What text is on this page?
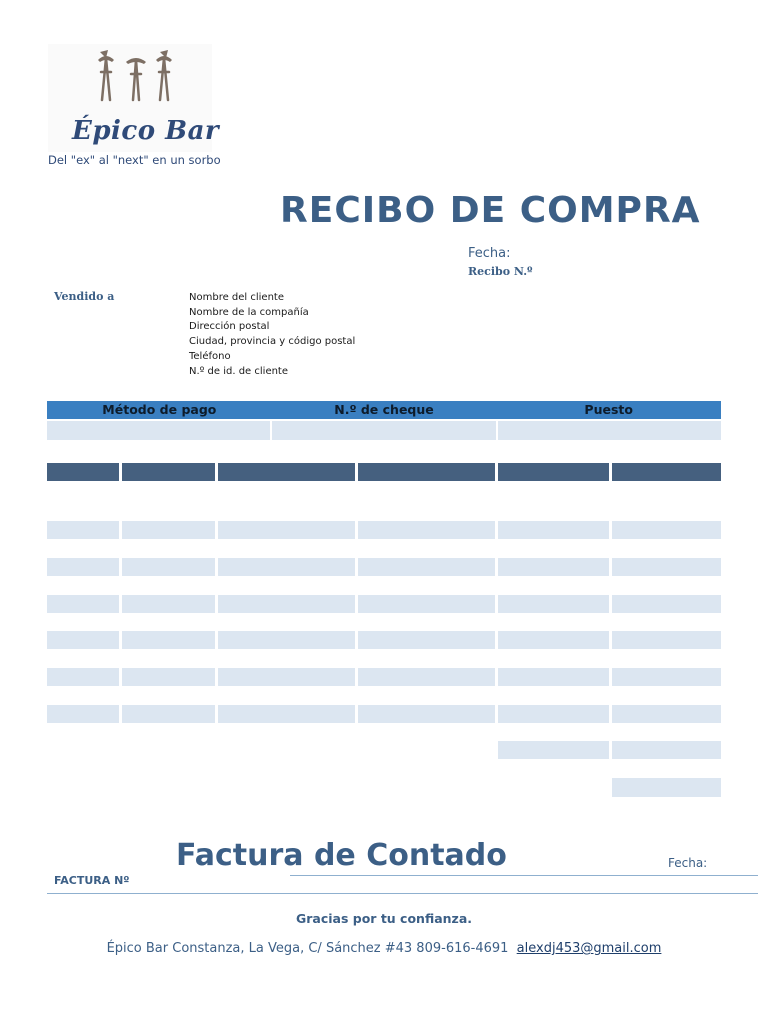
Épico Bar
Del "ex" al "next" en un sorbo
RECIBO DE COMPRA
Fecha:
Recibo N.º
Vendido a	Nombre del cliente
Nombre de la compañía
Dirección postal
Ciudad, provincia y código postal
Teléfono
N.º de id. de cliente
Método de pago	N.º de cheque	Puesto
Factura de Contado	Fecha:
FACTURA Nº
Gracias por tu confianza.
Épico Bar Constanza, La Vega, C/ Sánchez #43 809-616-4691 alexdj453@gmail.com
